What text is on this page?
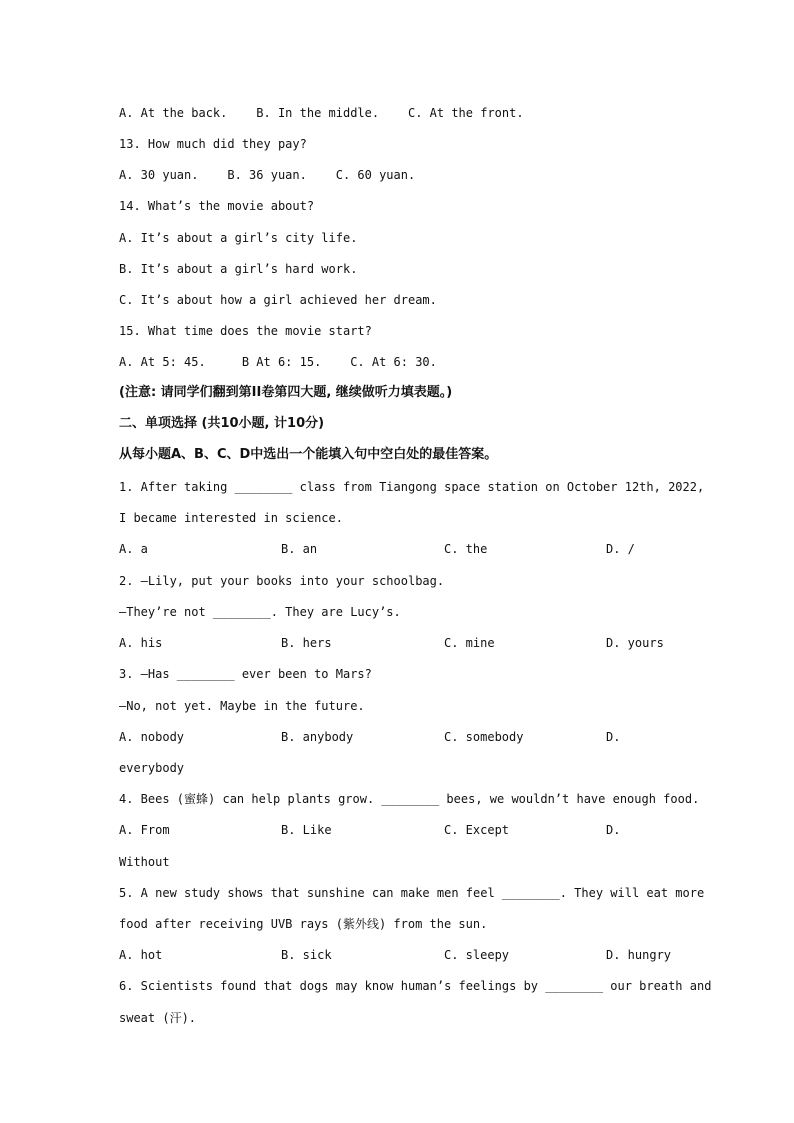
A. At the back.    B. In the middle.    C. At the front.
13. How much did they pay?
A. 30 yuan.    B. 36 yuan.    C. 60 yuan.
14. What’s the movie about?
A. It’s about a girl’s city life.
B. It’s about a girl’s hard work.
C. It’s about how a girl achieved her dream.
15. What time does the movie start?
A. At 5: 45.     B At 6: 15.    C. At 6: 30.
(注意: 请同学们翻到第II卷第四大题, 继续做听力填表题。)
二、单项选择 (共10小题, 计10分)
从每小题A、B、C、D中选出一个能填入句中空白处的最佳答案。
1. After taking ________ class from Tiangong space station on October 12th, 2022,
I became interested in science.
A. a	B. an	C. the	D. /
2. —Lily, put your books into your schoolbag.
—They’re not ________. They are Lucy’s.
A. his	B. hers	C. mine	D. yours
3. —Has ________ ever been to Mars?
—No, not yet. Maybe in the future.
A. nobody	B. anybody	C. somebody	D.
everybody
4. Bees (蜜蜂) can help plants grow. ________ bees, we wouldn’t have enough food.
A. From	B. Like	C. Except	D.
Without
5. A new study shows that sunshine can make men feel ________. They will eat more
food after receiving UVB rays (紫外线) from the sun.
A. hot	B. sick	C. sleepy	D. hungry
6. Scientists found that dogs may know human’s feelings by ________ our breath and
sweat (汗).
